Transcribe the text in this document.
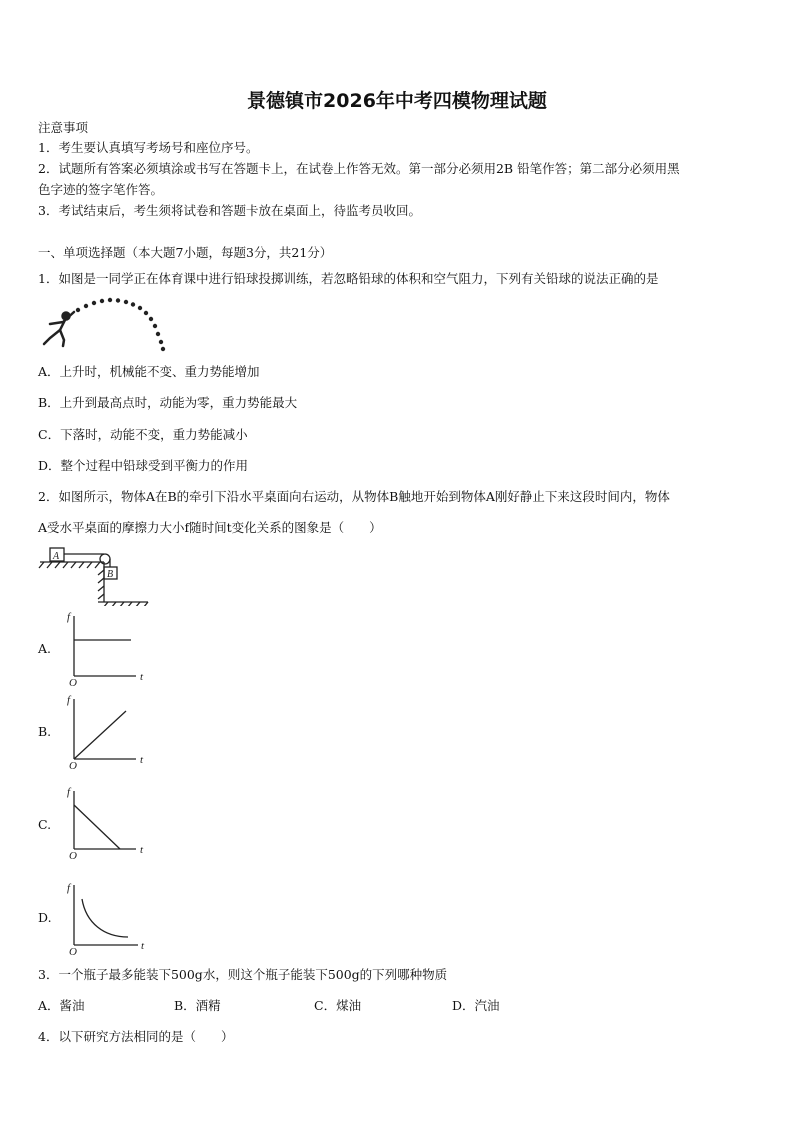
景德镇市2026年中考四模物理试题
注意事项
1．考生要认真填写考场号和座位序号。
2．试题所有答案必须填涂或书写在答题卡上，在试卷上作答无效。第一部分必须用2B 铅笔作答；第二部分必须用黑
色字迹的签字笔作答。
3．考试结束后，考生须将试卷和答题卡放在桌面上，待监考员收回。
一、单项选择题（本大题7小题，每题3分，共21分）
1．如图是一同学正在体育课中进行铅球投掷训练，若忽略铅球的体积和空气阻力，下列有关铅球的说法正确的是
A．上升时，机械能不变、重力势能增加
B．上升到最高点时，动能为零，重力势能最大
C．下落时，动能不变，重力势能减小
D．整个过程中铅球受到平衡力的作用
2．如图所示，物体A在B的牵引下沿水平桌面向右运动，从物体B触地开始到物体A刚好静止下来这段时间内，物体
A受水平桌面的摩擦力大小f随时间t变化关系的图象是（　　）
A
B
A.
f
t
O
B.
f
t
O
C.
f
t
O
D.
f
t
O
3．一个瓶子最多能装下500g水，则这个瓶子能装下500g的下列哪种物质
A．酱油	B．酒精	C．煤油	D．汽油
4．以下研究方法相同的是（　　）
